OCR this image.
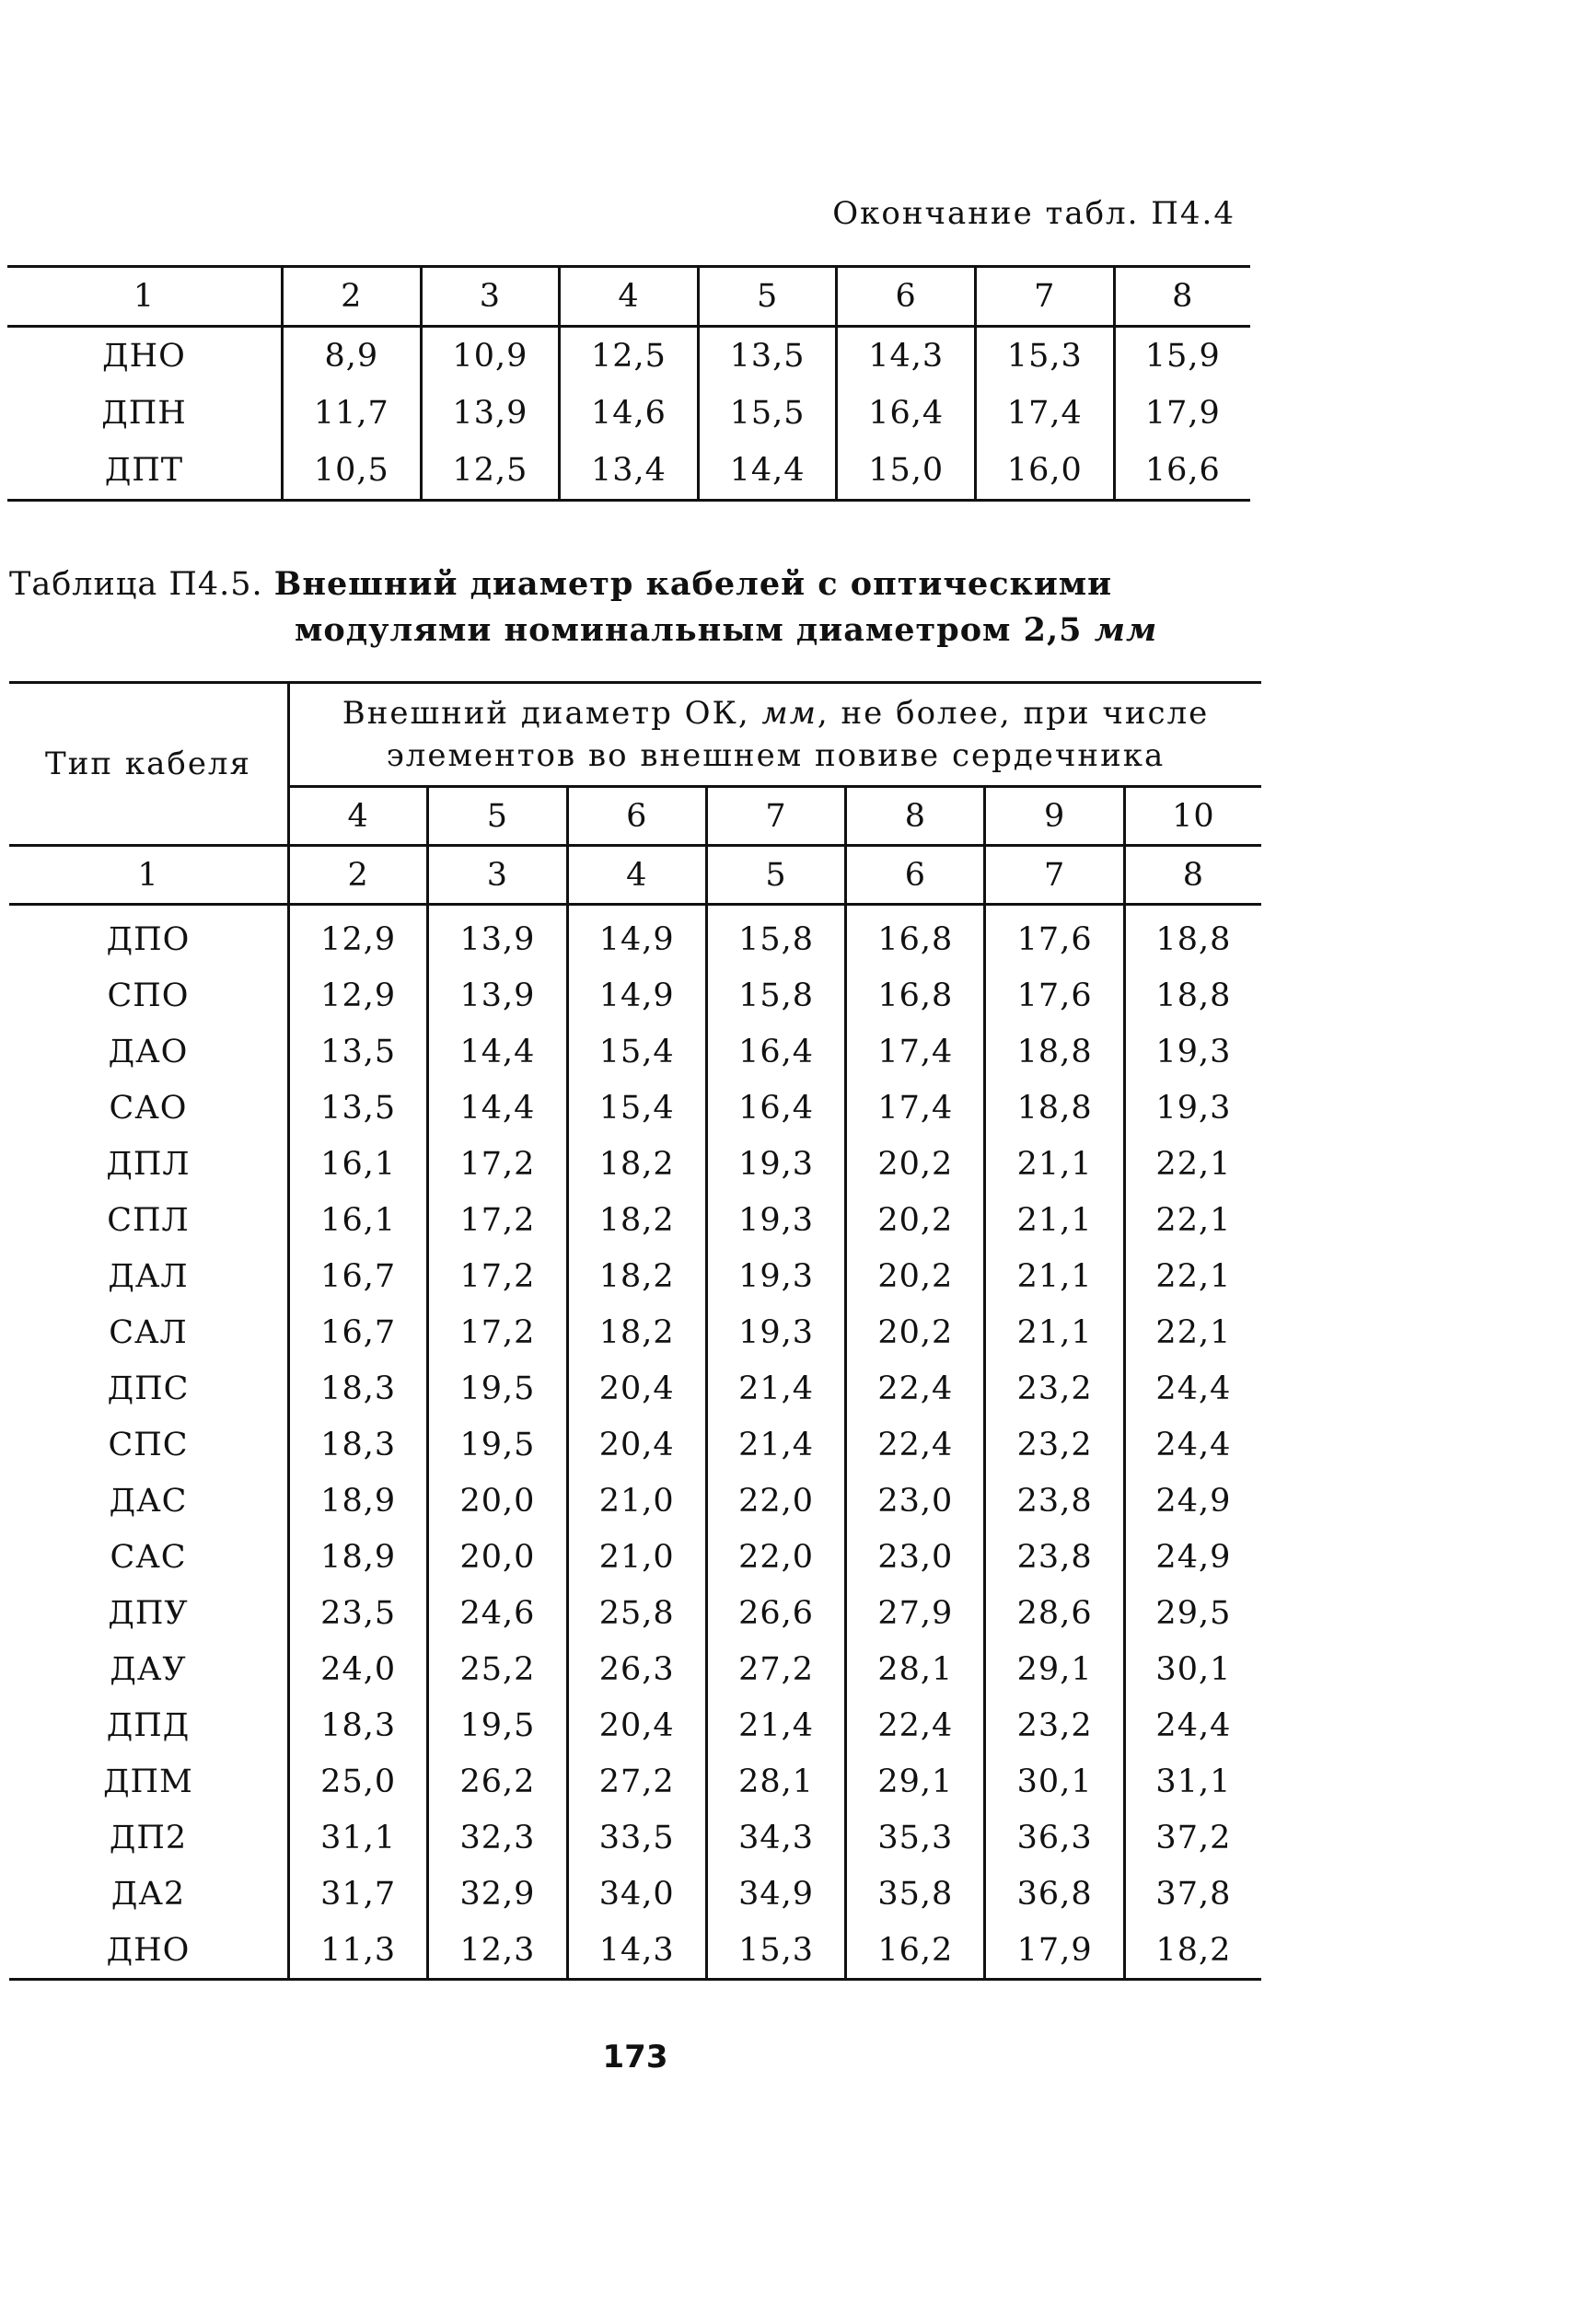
Окончание табл. П4.4
1	2	3	4	5	6	7	8
ДНО	8,9	10,9	12,5	13,5	14,3	15,3	15,9
ДПН	11,7	13,9	14,6	15,5	16,4	17,4	17,9
ДПТ	10,5	12,5	13,4	14,4	15,0	16,0	16,6
Таблица П4.5. Внешний диаметр кабелей с оптическими
модулями номинальным диаметром 2,5 мм
Тип кабеля	Внешний диаметр ОК, мм, не более, при числе элементов во внешнем повиве сердечника						
	4	5	6	7	8	9	10
1	2	3	4	5	6	7	8
ДПО	12,9	13,9	14,9	15,8	16,8	17,6	18,8
СПО	12,9	13,9	14,9	15,8	16,8	17,6	18,8
ДАО	13,5	14,4	15,4	16,4	17,4	18,8	19,3
САО	13,5	14,4	15,4	16,4	17,4	18,8	19,3
ДПЛ	16,1	17,2	18,2	19,3	20,2	21,1	22,1
СПЛ	16,1	17,2	18,2	19,3	20,2	21,1	22,1
ДАЛ	16,7	17,2	18,2	19,3	20,2	21,1	22,1
САЛ	16,7	17,2	18,2	19,3	20,2	21,1	22,1
ДПС	18,3	19,5	20,4	21,4	22,4	23,2	24,4
СПС	18,3	19,5	20,4	21,4	22,4	23,2	24,4
ДАС	18,9	20,0	21,0	22,0	23,0	23,8	24,9
САС	18,9	20,0	21,0	22,0	23,0	23,8	24,9
ДПУ	23,5	24,6	25,8	26,6	27,9	28,6	29,5
ДАУ	24,0	25,2	26,3	27,2	28,1	29,1	30,1
ДПД	18,3	19,5	20,4	21,4	22,4	23,2	24,4
ДПМ	25,0	26,2	27,2	28,1	29,1	30,1	31,1
ДП2	31,1	32,3	33,5	34,3	35,3	36,3	37,2
ДА2	31,7	32,9	34,0	34,9	35,8	36,8	37,8
ДНО	11,3	12,3	14,3	15,3	16,2	17,9	18,2
173
